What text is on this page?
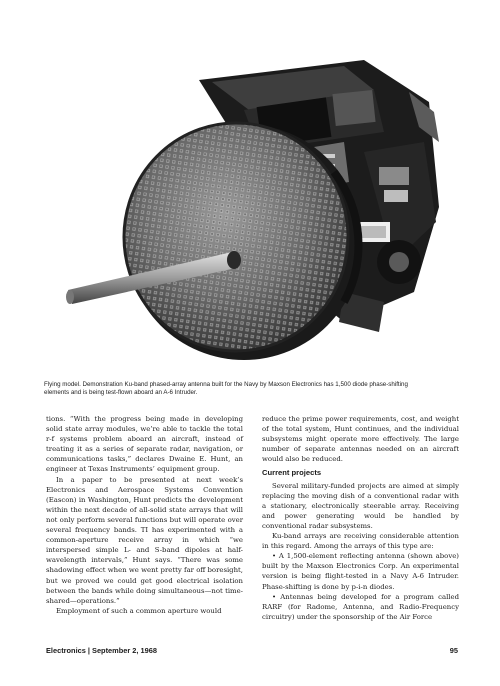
Flying model. Demonstration Ku-band phased-array antenna built for the Navy by Maxson Electronics has 1,500 diode phase-shifting elements and is being test-flown aboard an A-6 Intruder.

tions. “With the progress being made in developing solid state array modules, we’re able to tackle the total r-f systems problem aboard an aircraft, instead of treating it as a series of separate radar, navigation, or communications tasks,” declares Dwaine E. Hunt, an engineer at Texas Instruments’ equipment group.

In a paper to be presented at next week’s Electronics and Aerospace Systems Convention (Eascon) in Washington, Hunt predicts the development within the next decade of all-solid state arrays that will not only perform several functions but will operate over several frequency bands. TI has experimented with a common-aperture receive array in which “we interspersed simple L- and S-band dipoles at half-wavelength intervals,” Hunt says. “There was some shadowing effect when we went pretty far off boresight, but we proved we could get good electrical isolation between the bands while doing simultaneous—not time-shared—operations.”

Employment of such a common aperture would

reduce the prime power requirements, cost, and weight of the total system, Hunt continues, and the individual subsystems might operate more effectively. The large number of separate antennas needed on an aircraft would also be reduced.

Current projects

Several military-funded projects are aimed at simply replacing the moving dish of a conventional radar with a stationary, electronically steerable array. Receiving and power generating would be handled by conventional radar subsystems.

Ku-band arrays are receiving considerable attention in this regard. Among the arrays of this type are:

• A 1,500-element reflecting antenna (shown above) built by the Maxson Electronics Corp. An experimental version is being flight-tested in a Navy A-6 Intruder. Phase-shifting is done by p-i-n diodes.

• Antennas being developed for a program called RARF (for Radome, Antenna, and Radio-Frequency circuitry) under the sponsorship of the Air Force

Electronics | September 2, 1968	95
